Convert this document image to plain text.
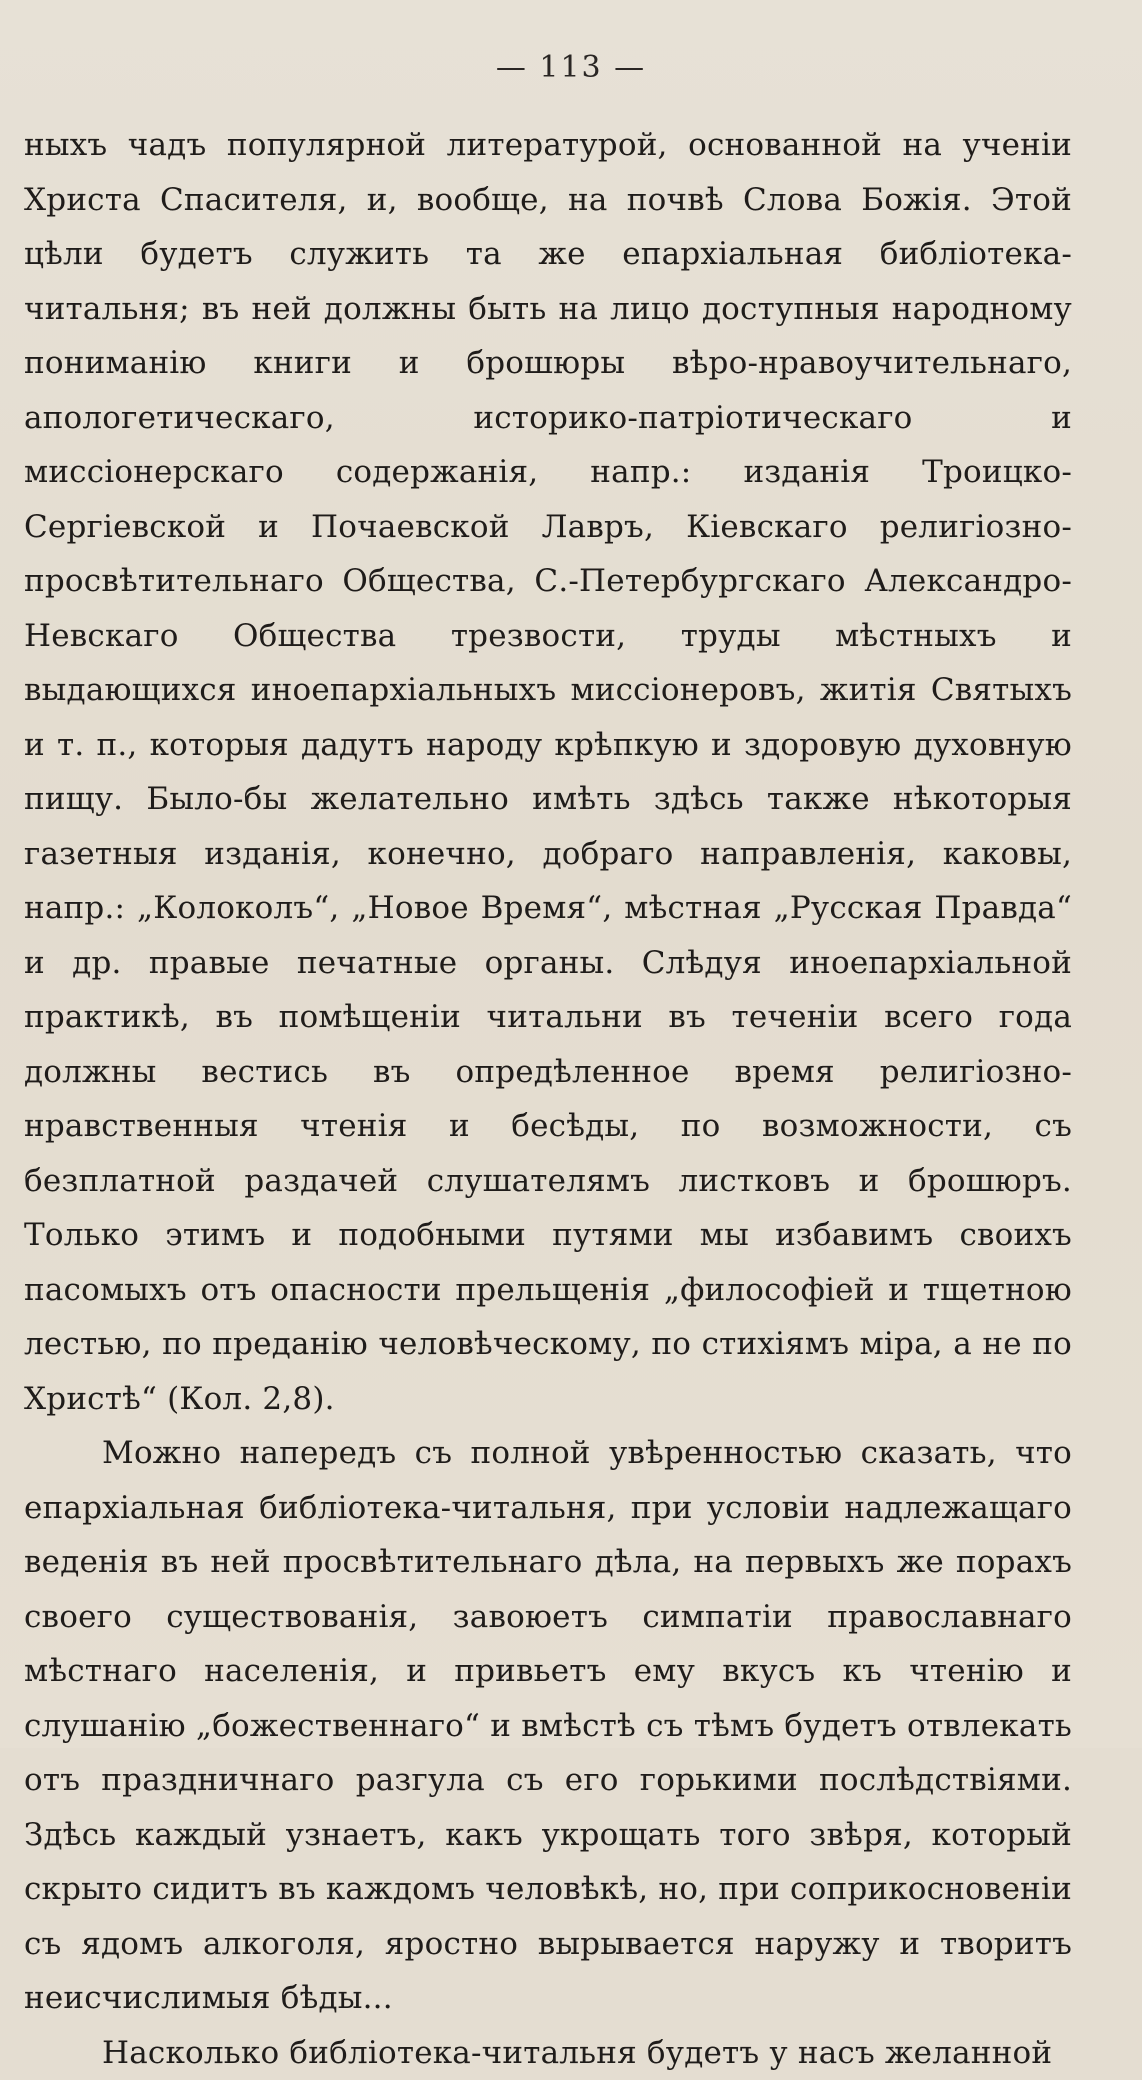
— 113 —

ныхъ чадъ популярной литературой, основанной на ученіи Христа Спасителя, и, вообще, на почвѣ Слова Божія. Этой цѣли будетъ служить та же епархіальная библіотека-читальня; въ ней должны быть на лицо доступныя народному пониманію книги и брошюры вѣро-нравоучительнаго, апологетическаго, историко-патріотическаго и миссіонерскаго содержанія, напр.: изданія Троицко-Сергіевской и Почаевской Лавръ, Кіевскаго религіозно-просвѣтительнаго Общества, С.-Петербургскаго Александро-Невскаго Общества трезвости, труды мѣстныхъ и выдающихся иноепархіальныхъ миссіонеровъ, житія Святыхъ и т. п., которыя дадутъ народу крѣпкую и здоровую духовную пищу. Было-бы желательно имѣть здѣсь также нѣкоторыя газетныя изданія, конечно, добраго направленія, каковы, напр.: „Колоколъ“, „Новое Время“, мѣстная „Русская Правда“ и др. правые печатные органы. Слѣдуя иноепархіальной практикѣ, въ помѣщеніи читальни въ теченіи всего года должны вестись въ опредѣленное время религіозно-нравственныя чтенія и бесѣды, по возможности, съ безплатной раздачей слушателямъ листковъ и брошюръ. Только этимъ и подобными путями мы избавимъ своихъ пасомыхъ отъ опасности прельщенія „философіей и тщетною лестью, по преданію человѣческому, по стихіямъ міра, а не по Христѣ“ (Кол. 2,8).

Можно напередъ съ полной увѣренностью сказать, что епархіальная библіотека-читальня, при условіи надлежащаго веденія въ ней просвѣтительнаго дѣла, на первыхъ же порахъ своего существованія, завоюетъ симпатіи православнаго мѣстнаго населенія, и привьетъ ему вкусъ къ чтенію и слушанію „божественнаго“ и вмѣстѣ съ тѣмъ будетъ отвлекать отъ праздничнаго разгула съ его горькими послѣдствіями. Здѣсь каждый узнаетъ, какъ укрощать того звѣря, который скрыто сидитъ въ каждомъ человѣкѣ, но, при соприкосновеніи съ ядомъ алкоголя, яростно вырывается наружу и творитъ неисчислимыя бѣды...

Насколько библіотека-читальня будетъ у насъ желанной
